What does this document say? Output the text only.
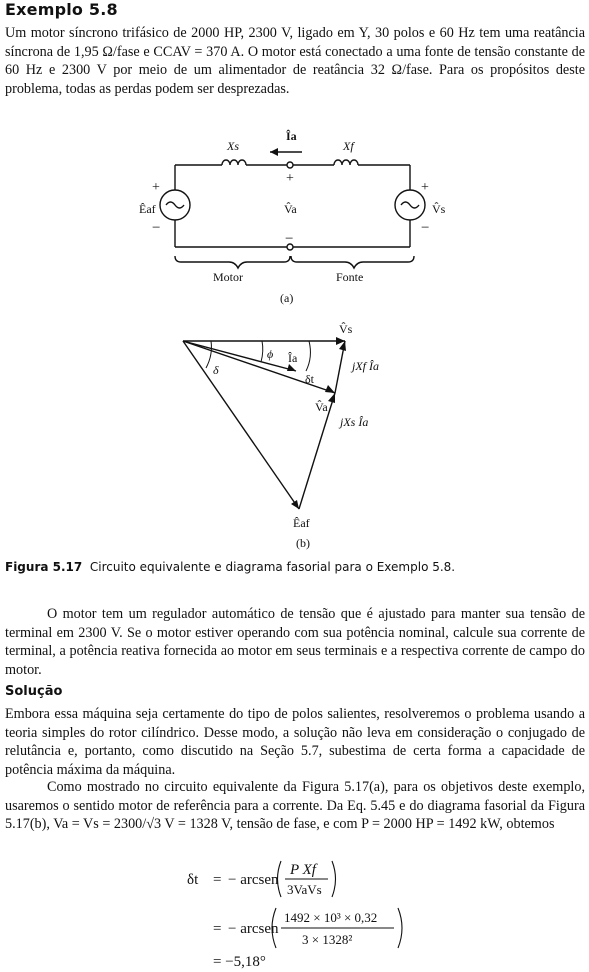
Exemplo 5.8

Um motor síncrono trifásico de 2000 HP, 2300 V, ligado em Y, 30 polos e 60 Hz tem uma reatância síncrona de 1,95 Ω/fase e CCAV = 370 A. O motor está conectado a uma fonte de tensão constante de 60 Hz e 2300 V por meio de um alimentador de reatância 32 Ω/fase. Para os propósitos deste problema, todas as perdas podem ser desprezadas.

Xs	Xf
Îa
+
V̂a
−
+
Êaf
−
+
V̂s
−
Motor	Fonte
(a)
V̂s
ϕ Îa
δ
δt
V̂a
jXf Îa
jXs Îa
Êaf
(b)
Figura 5.17 Circuito equivalente e diagrama fasorial para o Exemplo 5.8.

O motor tem um regulador automático de tensão que é ajustado para manter sua tensão de terminal em 2300 V. Se o motor estiver operando com sua potência nominal, calcule sua corrente de terminal, a potência reativa fornecida ao motor em seus terminais e a respectiva corrente de campo do motor.

Solução

Embora essa máquina seja certamente do tipo de polos salientes, resolveremos o problema usando a teoria simples do rotor cilíndrico. Desse modo, a solução não leva em consideração o conjugado de relutância e, portanto, como discutido na Seção 5.7, subestima de certa forma a capacidade de potência máxima da máquina.

Como mostrado no circuito equivalente da Figura 5.17(a), para os objetivos deste exemplo, usaremos o sentido motor de referência para a corrente. Da Eq. 5.45 e do diagrama fasorial da Figura 5.17(b), Va = Vs = 2300/√3 V = 1328 V, tensão de fase, e com P = 2000 HP = 1492 kW, obtemos

δt = − arcsen
P Xf
3VaVs
= − arcsen
1492 × 10³ × 0,32
3 × 1328²
= −5,18°
